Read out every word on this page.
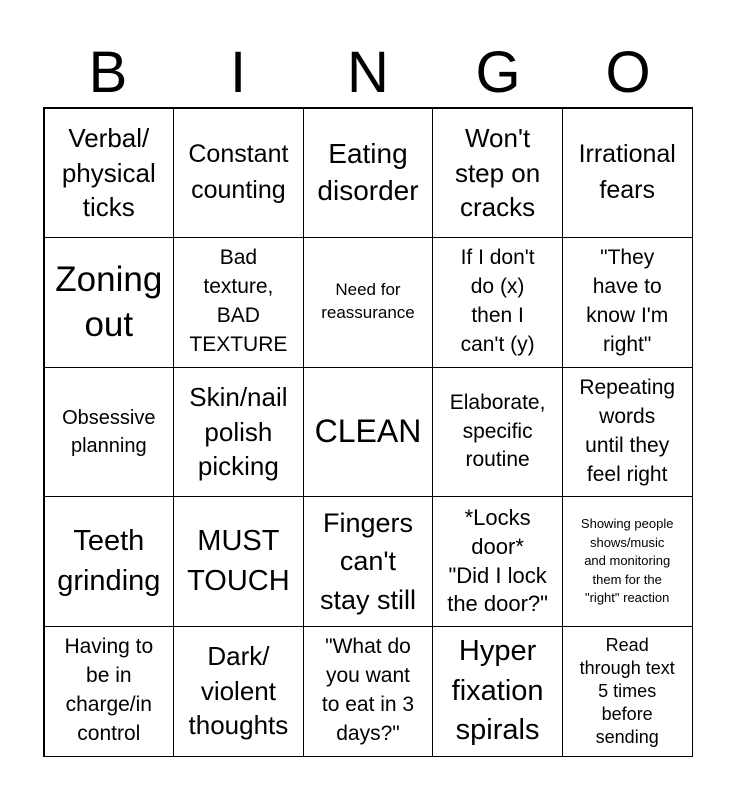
B	I	N	G	O
Verbal/
physical
ticks
Constant
counting
Eating
disorder
Won't
step on
cracks
Irrational
fears
Zoning
out
Bad
texture,
BAD
TEXTURE
Need for
reassurance
If I don't
do (x)
then I
can't (y)
"They
have to
know I'm
right"
Obsessive
planning
Skin/nail
polish
picking
CLEAN
Elaborate,
specific
routine
Repeating
words
until they
feel right
Teeth
grinding
MUST
TOUCH
Fingers
can't
stay still
*Locks
door*
"Did I lock
the door?"
Showing people
shows/music
and monitoring
them for the
"right" reaction
Having to
be in
charge/in
control
Dark/
violent
thoughts
"What do
you want
to eat in 3
days?"
Hyper
fixation
spirals
Read
through text
5 times
before
sending
